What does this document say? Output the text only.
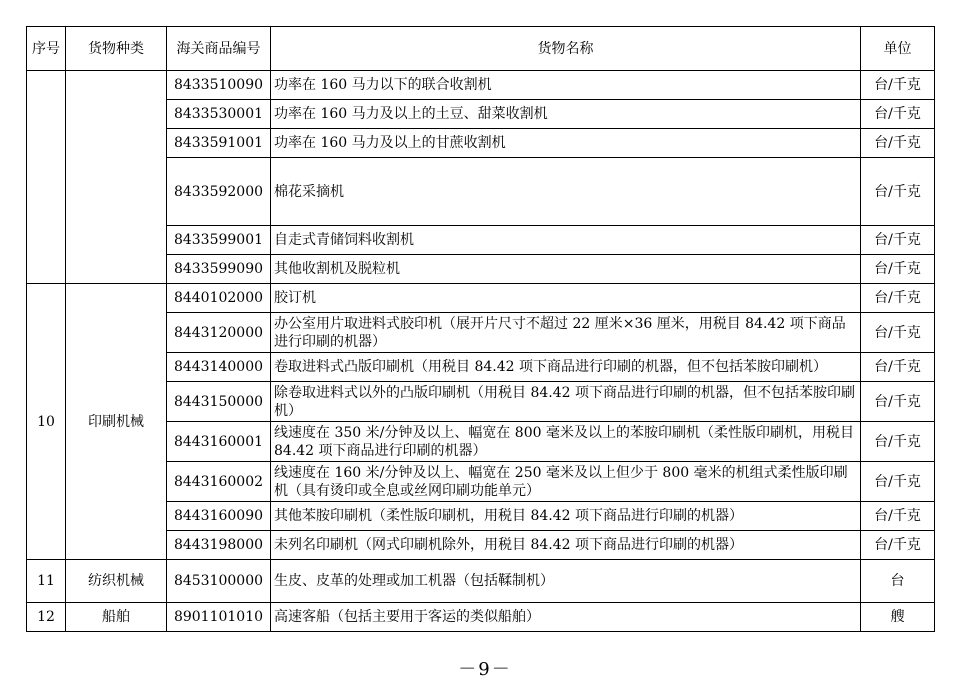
序号	货物种类	海关商品编号	货物名称	单位
		8433510090	功率在 160 马力以下的联合收割机	台/千克
		8433530001	功率在 160 马力及以上的土豆、甜菜收割机	台/千克
		8433591001	功率在 160 马力及以上的甘蔗收割机	台/千克
		8433592000	棉花采摘机	台/千克
		8433599001	自走式青储饲料收割机	台/千克
		8433599090	其他收割机及脱粒机	台/千克
10	印刷机械	8440102000	胶订机	台/千克
		8443120000	办公室用片取进料式胶印机（展开片尺寸不超过 22 厘米×36 厘米，用税目 84.42 项下商品进行印刷的机器）	台/千克
		8443140000	卷取进料式凸版印刷机（用税目 84.42 项下商品进行印刷的机器，但不包括苯胺印刷机）	台/千克
		8443150000	除卷取进料式以外的凸版印刷机（用税目 84.42 项下商品进行印刷的机器，但不包括苯胺印刷机）	台/千克
		8443160001	线速度在 350 米/分钟及以上、幅宽在 800 毫米及以上的苯胺印刷机（柔性版印刷机，用税目 84.42 项下商品进行印刷的机器）	台/千克
		8443160002	线速度在 160 米/分钟及以上、幅宽在 250 毫米及以上但少于 800 毫米的机组式柔性版印刷机（具有烫印或全息或丝网印刷功能单元）	台/千克
		8443160090	其他苯胺印刷机（柔性版印刷机，用税目 84.42 项下商品进行印刷的机器）	台/千克
		8443198000	未列名印刷机（网式印刷机除外，用税目 84.42 项下商品进行印刷的机器）	台/千克
11	纺织机械	8453100000	生皮、皮革的处理或加工机器（包括鞣制机）	台
12	船舶	8901101010	高速客船（包括主要用于客运的类似船舶）	艘
－9－
